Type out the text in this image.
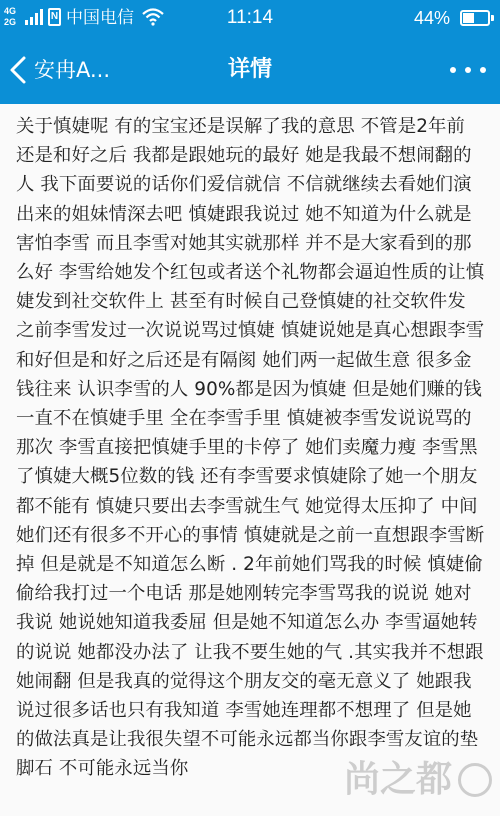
4G
2G	N 中国电信	11:14	44%
安冉A...	详情

关于慎婕呢 有的宝宝还是误解了我的意思 不管是2年前 还是和好之后 我都是跟她玩的最好 她是我最不想闹翻的人 我下面要说的话你们爱信就信 不信就继续去看她们演出来的姐妹情深去吧 慎婕跟我说过 她不知道为什么就是害怕李雪 而且李雪对她其实就那样 并不是大家看到的那么好 李雪给她发个红包或者送个礼物都会逼迫性质的让慎婕发到社交软件上 甚至有时候自己登慎婕的社交软件发 之前李雪发过一次说说骂过慎婕 慎婕说她是真心想跟李雪和好但是和好之后还是有隔阂 她们两一起做生意 很多金钱往来 认识李雪的人 90%都是因为慎婕 但是她们赚的钱一直不在慎婕手里 全在李雪手里 慎婕被李雪发说说骂的那次 李雪直接把慎婕手里的卡停了 她们卖魔力瘦 李雪黑了慎婕大概5位数的钱 还有李雪要求慎婕除了她一个朋友都不能有 慎婕只要出去李雪就生气 她觉得太压抑了 中间她们还有很多不开心的事情 慎婕就是之前一直想跟李雪断掉 但是就是不知道怎么断 . 2年前她们骂我的时候 慎婕偷偷给我打过一个电话 那是她刚转完李雪骂我的说说 她对我说 她说她知道我委屈 但是她不知道怎么办 李雪逼她转的说说 她都没办法了 让我不要生她的气 .其实我并不想跟她闹翻 但是我真的觉得这个朋友交的毫无意义了 她跟我说过很多话也只有我知道 李雪她连理都不想理了 但是她的做法真是让我很失望不可能永远都当你跟李雪友谊的垫脚石 不可能永远当你	尚之都
